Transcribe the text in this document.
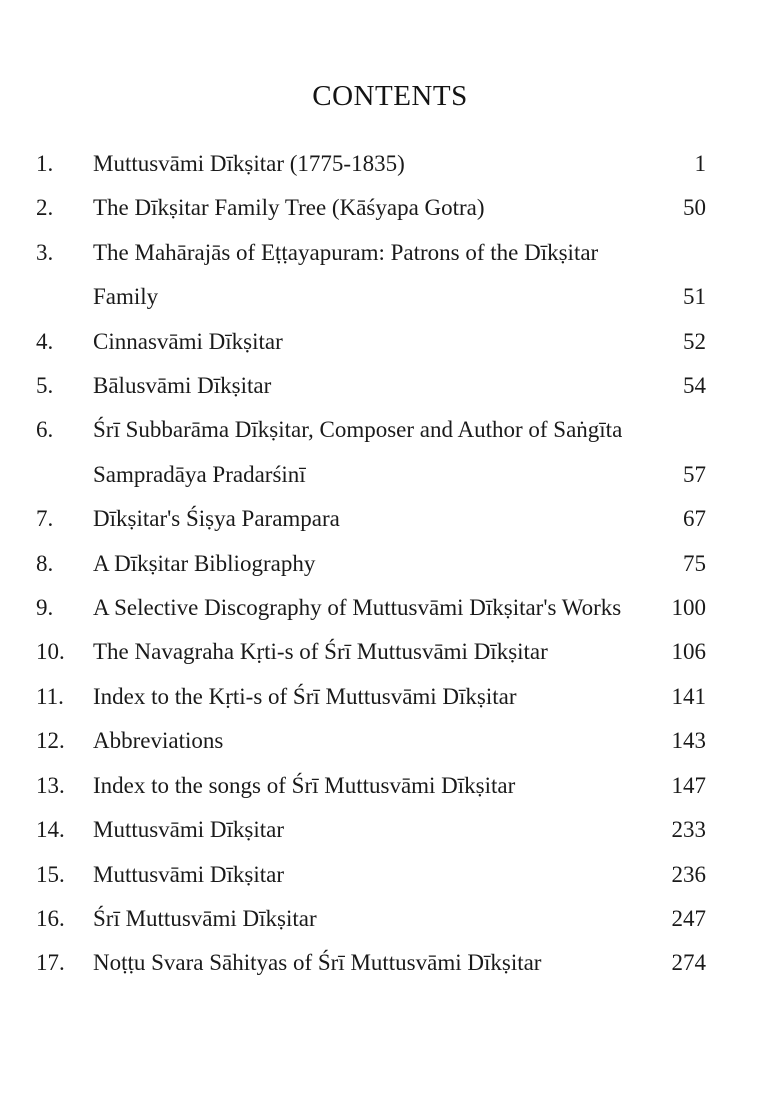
CONTENTS
1.	Muttusvāmi Dīkṣitar (1775-1835)	1
2.	The Dīkṣitar Family Tree (Kāśyapa Gotra)	50
3.	The Mahārajās of Eṭṭayapuram: Patrons of the Dīkṣitar Family	51
4.	Cinnasvāmi Dīkṣitar	52
5.	Bālusvāmi Dīkṣitar	54
6.	Śrī Subbarāma Dīkṣitar, Composer and Author of Saṅgīta Sampradāya Pradarśinī	57
7.	Dīkṣitar's Śiṣya Parampara	67
8.	A Dīkṣitar Bibliography	75
9.	A Selective Discography of Muttusvāmi Dīkṣitar's Works	100
10.	The Navagraha Kṛti-s of Śrī Muttusvāmi Dīkṣitar	106
11.	Index to the Kṛti-s of Śrī Muttusvāmi Dīkṣitar	141
12.	Abbreviations	143
13.	Index to the songs of Śrī Muttusvāmi Dīkṣitar	147
14.	Muttusvāmi Dīkṣitar	233
15.	Muttusvāmi Dīkṣitar	236
16.	Śrī Muttusvāmi Dīkṣitar	247
17.	Noṭṭu Svara Sāhityas of Śrī Muttusvāmi Dīkṣitar	274
